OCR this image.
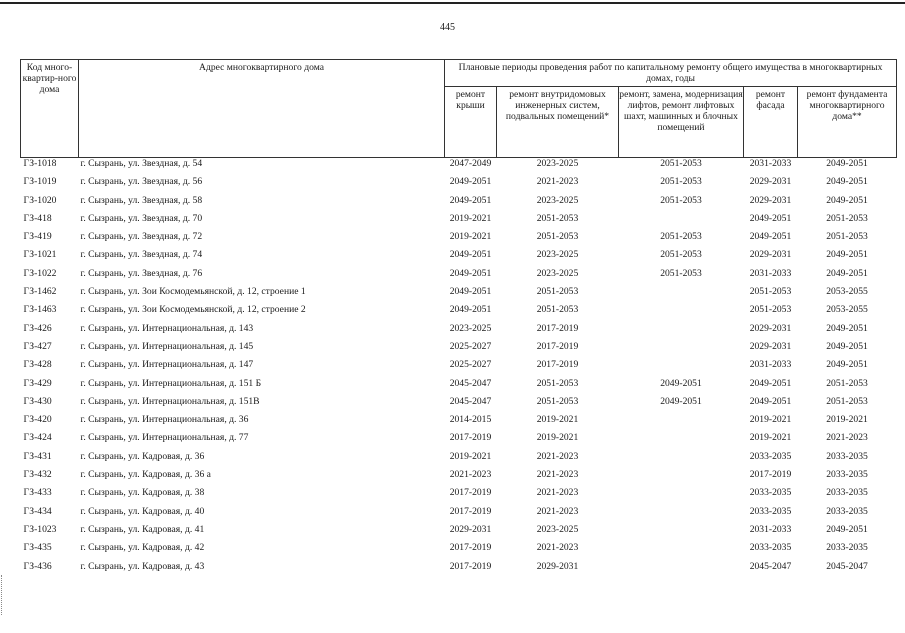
445
Код много-квартир-ного дома	Адрес многоквартирного дома	Плановые периоды проведения работ по капитальному ремонту общего имущества в многоквартирных домах, годы				
		ремонт крыши	ремонт внутридомовых инженерных систем, подвальных помещений*	ремонт, замена, модернизация лифтов, ремонт лифтовых шахт, машинных и блочных помещений	ремонт фасада	ремонт фундамента многоквартирного дома**
ГЗ-1018	г. Сызрань, ул. Звездная, д. 54	2047-2049	2023-2025	2051-2053	2031-2033	2049-2051
ГЗ-1019	г. Сызрань, ул. Звездная, д. 56	2049-2051	2021-2023	2051-2053	2029-2031	2049-2051
ГЗ-1020	г. Сызрань, ул. Звездная, д. 58	2049-2051	2023-2025	2051-2053	2029-2031	2049-2051
ГЗ-418	г. Сызрань, ул. Звездная, д. 70	2019-2021	2051-2053		2049-2051	2051-2053
ГЗ-419	г. Сызрань, ул. Звездная, д. 72	2019-2021	2051-2053	2051-2053	2049-2051	2051-2053
ГЗ-1021	г. Сызрань, ул. Звездная, д. 74	2049-2051	2023-2025	2051-2053	2029-2031	2049-2051
ГЗ-1022	г. Сызрань, ул. Звездная, д. 76	2049-2051	2023-2025	2051-2053	2031-2033	2049-2051
ГЗ-1462	г. Сызрань, ул. Зои Космодемьянской, д. 12, строение 1	2049-2051	2051-2053		2051-2053	2053-2055
ГЗ-1463	г. Сызрань, ул. Зои Космодемьянской, д. 12, строение 2	2049-2051	2051-2053		2051-2053	2053-2055
ГЗ-426	г. Сызрань, ул. Интернациональная, д. 143	2023-2025	2017-2019		2029-2031	2049-2051
ГЗ-427	г. Сызрань, ул. Интернациональная, д. 145	2025-2027	2017-2019		2029-2031	2049-2051
ГЗ-428	г. Сызрань, ул. Интернациональная, д. 147	2025-2027	2017-2019		2031-2033	2049-2051
ГЗ-429	г. Сызрань, ул. Интернациональная, д. 151 Б	2045-2047	2051-2053	2049-2051	2049-2051	2051-2053
ГЗ-430	г. Сызрань, ул. Интернациональная, д. 151В	2045-2047	2051-2053	2049-2051	2049-2051	2051-2053
ГЗ-420	г. Сызрань, ул. Интернациональная, д. 36	2014-2015	2019-2021		2019-2021	2019-2021
ГЗ-424	г. Сызрань, ул. Интернациональная, д. 77	2017-2019	2019-2021		2019-2021	2021-2023
ГЗ-431	г. Сызрань, ул. Кадровая, д. 36	2019-2021	2021-2023		2033-2035	2033-2035
ГЗ-432	г. Сызрань, ул. Кадровая, д. 36 а	2021-2023	2021-2023		2017-2019	2033-2035
ГЗ-433	г. Сызрань, ул. Кадровая, д. 38	2017-2019	2021-2023		2033-2035	2033-2035
ГЗ-434	г. Сызрань, ул. Кадровая, д. 40	2017-2019	2021-2023		2033-2035	2033-2035
ГЗ-1023	г. Сызрань, ул. Кадровая, д. 41	2029-2031	2023-2025		2031-2033	2049-2051
ГЗ-435	г. Сызрань, ул. Кадровая, д. 42	2017-2019	2021-2023		2033-2035	2033-2035
ГЗ-436	г. Сызрань, ул. Кадровая, д. 43	2017-2019	2029-2031		2045-2047	2045-2047
